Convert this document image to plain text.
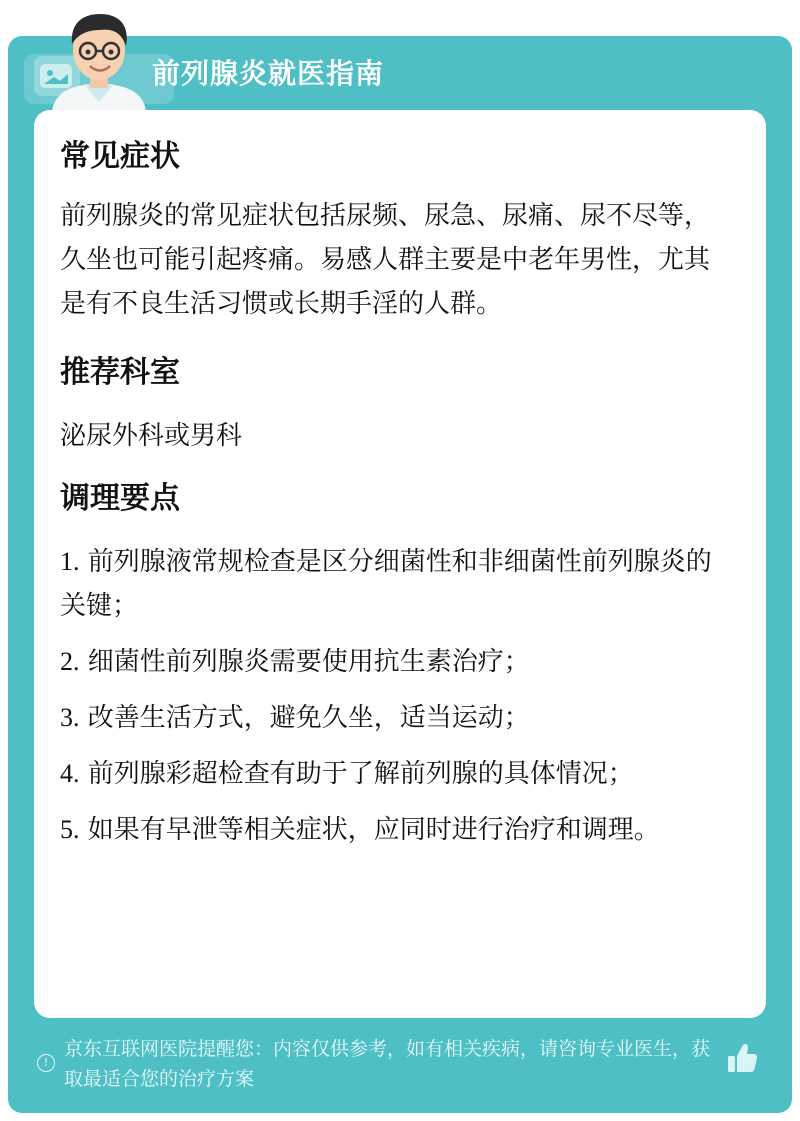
前列腺炎就医指南
常见症状

前列腺炎的常见症状包括尿频、尿急、尿痛、尿不尽等，久坐也可能引起疼痛。易感人群主要是中老年男性，尤其是有不良生活习惯或长期手淫的人群。

推荐科室

泌尿外科或男科

调理要点
1. 前列腺液常规检查是区分细菌性和非细菌性前列腺炎的关键；
2. 细菌性前列腺炎需要使用抗生素治疗；
3. 改善生活方式，避免久坐，适当运动；
4. 前列腺彩超检查有助于了解前列腺的具体情况；
5. 如果有早泄等相关症状，应同时进行治疗和调理。
!
京东互联网医院提醒您：内容仅供参考，如有相关疾病，请咨询专业医生，获取最适合您的治疗方案
